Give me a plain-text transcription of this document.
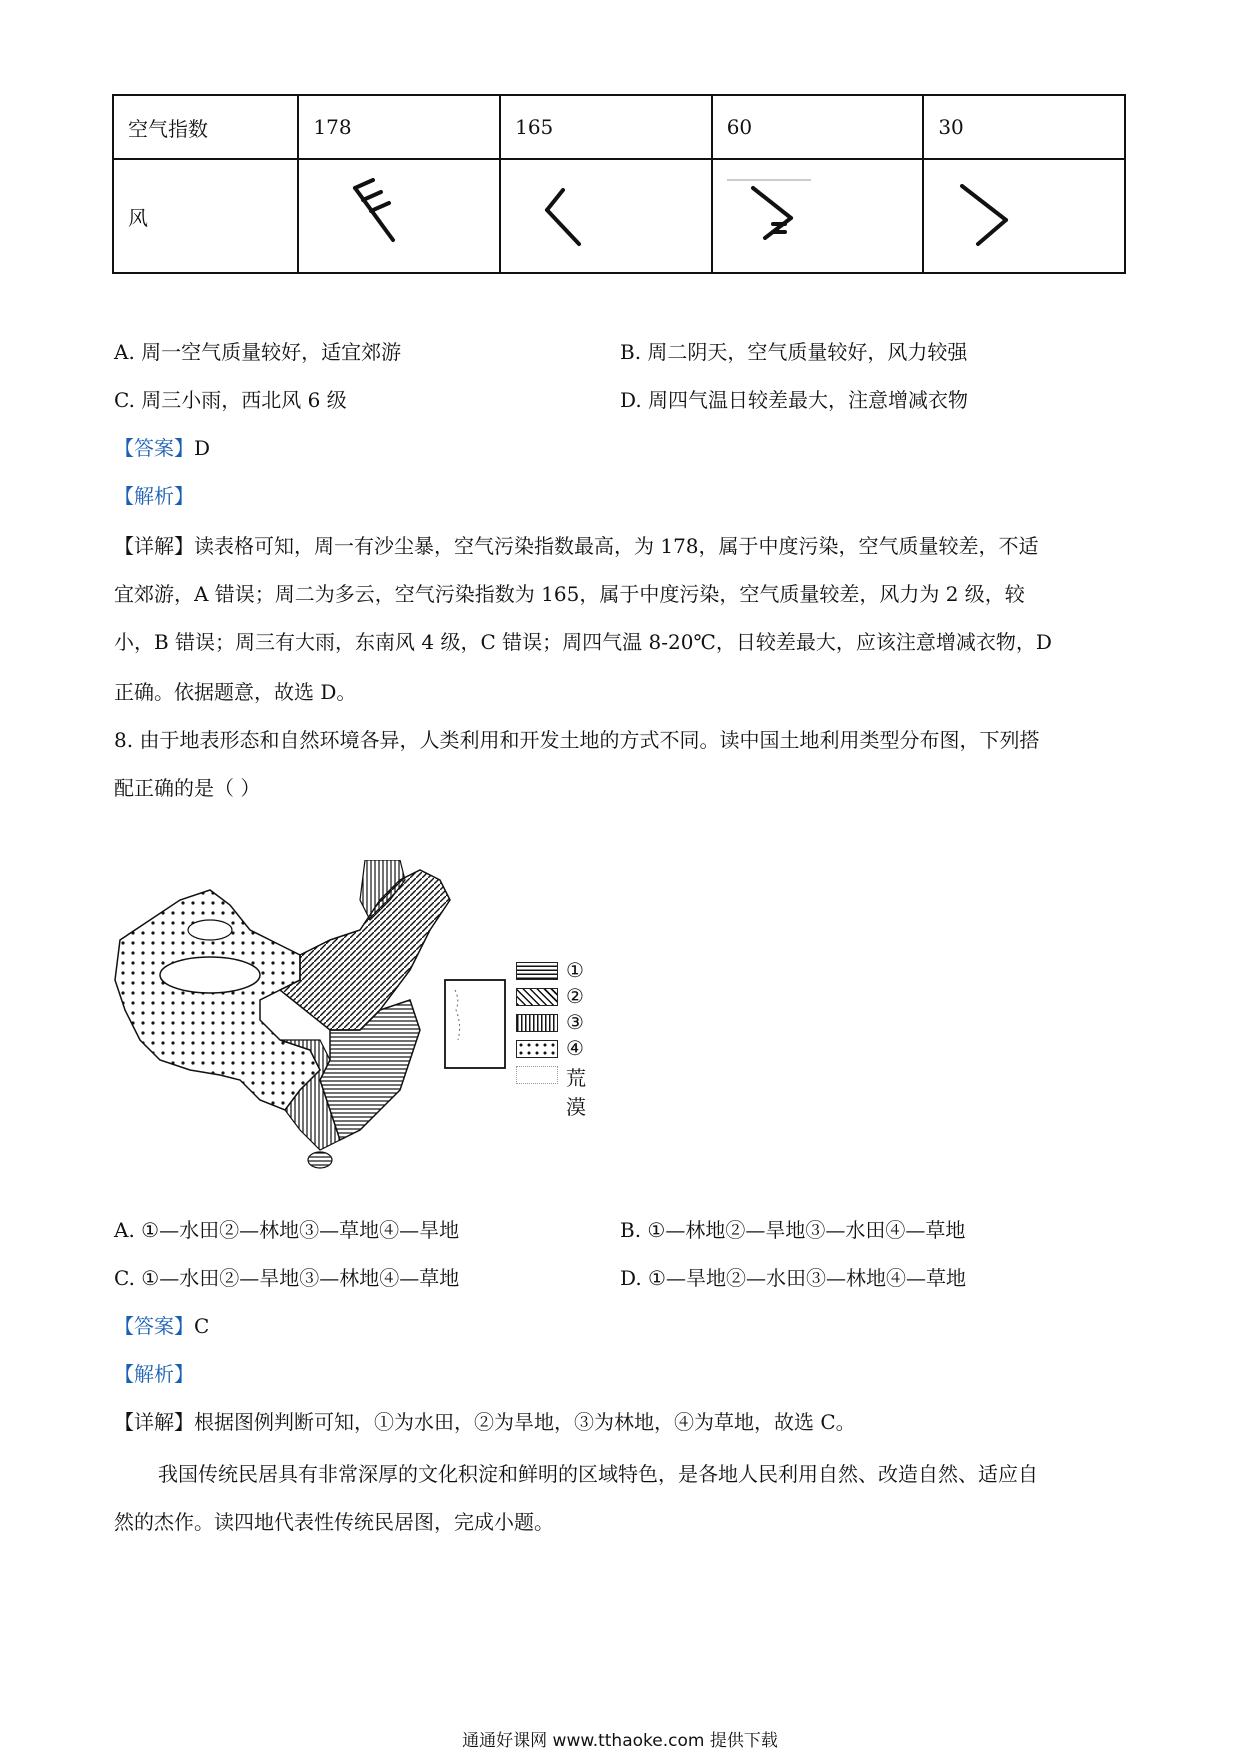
空气指数	178	165	60	30
风				
A. 周一空气质量较好，适宜郊游	B. 周二阴天，空气质量较好，风力较强
C. 周三小雨，西北风 6 级	D. 周四气温日较差最大，注意增减衣物
【答案】D
【解析】
【详解】读表格可知，周一有沙尘暴，空气污染指数最高，为 178，属于中度污染，空气质量较差，不适
宜郊游，A 错误；周二为多云，空气污染指数为 165，属于中度污染，空气质量较差，风力为 2 级，较
小，B 错误；周三有大雨，东南风 4 级，C 错误；周四气温 8-20℃，日较差最大，应该注意增减衣物，D
正确。依据题意，故选 D。
8. 由于地表形态和自然环境各异，人类利用和开发土地的方式不同。读中国土地利用类型分布图，下列搭
配正确的是（ ）
①
②
③
④
荒漠
A. ①—水田②—林地③—草地④—旱地	B. ①—林地②—旱地③—水田④—草地
C. ①—水田②—旱地③—林地④—草地	D. ①—旱地②—水田③—林地④—草地
【答案】C
【解析】
【详解】根据图例判断可知，①为水田，②为旱地，③为林地，④为草地，故选 C。
我国传统民居具有非常深厚的文化积淀和鲜明的区域特色，是各地人民利用自然、改造自然、适应自
然的杰作。读四地代表性传统民居图，完成小题。
通通好课网 www.tthaoke.com 提供下载
